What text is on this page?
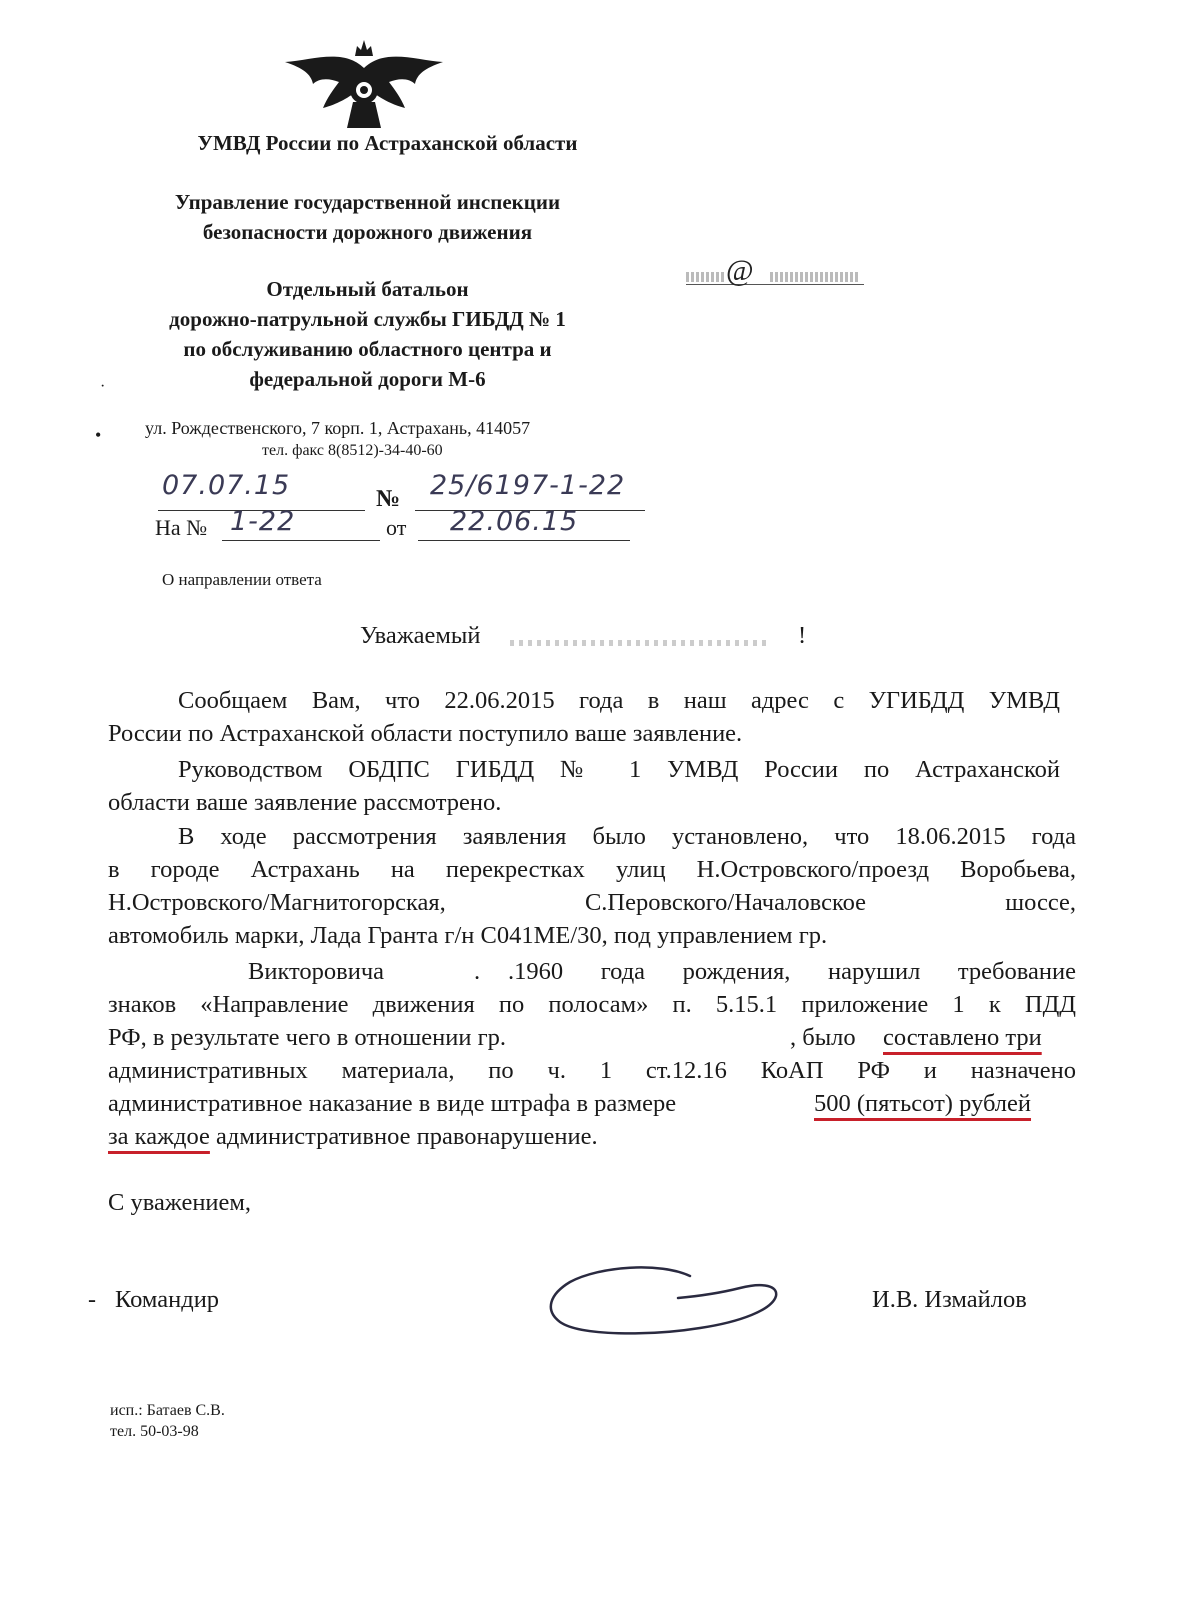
УМВД России по Астраханской области
Управление государственной инспекции
безопасности дорожного движения
Отдельный батальон
дорожно-патрульной службы ГИБДД № 1
по обслуживанию областного центра и
федеральной дороги М-6
·
• ул. Рождественского, 7 корп. 1, Астрахань, 414057
тел. факс 8(8512)-34-40-60
@
07.07.15	№ 25/6197-1-22
На № 1-22	от 22.06.15
О направлении ответа
Уважаемый	!
Сообщаем Вам, что 22.06.2015 года в наш адрес с УГИБДД УМВД
России по Астраханской области поступило ваше заявление.
Руководством ОБДПС ГИБДД № 1 УМВД России по Астраханской
области ваше заявление рассмотрено.
В ходе рассмотрения заявления было установлено, что 18.06.2015 года
в городе Астрахань на перекрестках улиц Н.Островского/проезд Воробьева,
Н.Островского/Магнитогорская, С.Перовского/Началовское шоссе,
автомобиль марки, Лада Гранта г/н С041МЕ/30, под управлением гр.
Викторовича	. .1960 года рождения, нарушил требование
знаков «Направление движения по полосам» п. 5.15.1 приложение 1 к ПДД
РФ, в результате чего в отношении гр.	, было составлено три
административных материала, по ч. 1 ст.12.16 КоАП РФ и назначено
административное наказание в виде штрафа в размере	500 (пятьсот) рублей
за каждое административное правонарушение.
С уважением,
- Командир	И.В. Измайлов
исп.: Батаев С.В.
тел. 50-03-98
